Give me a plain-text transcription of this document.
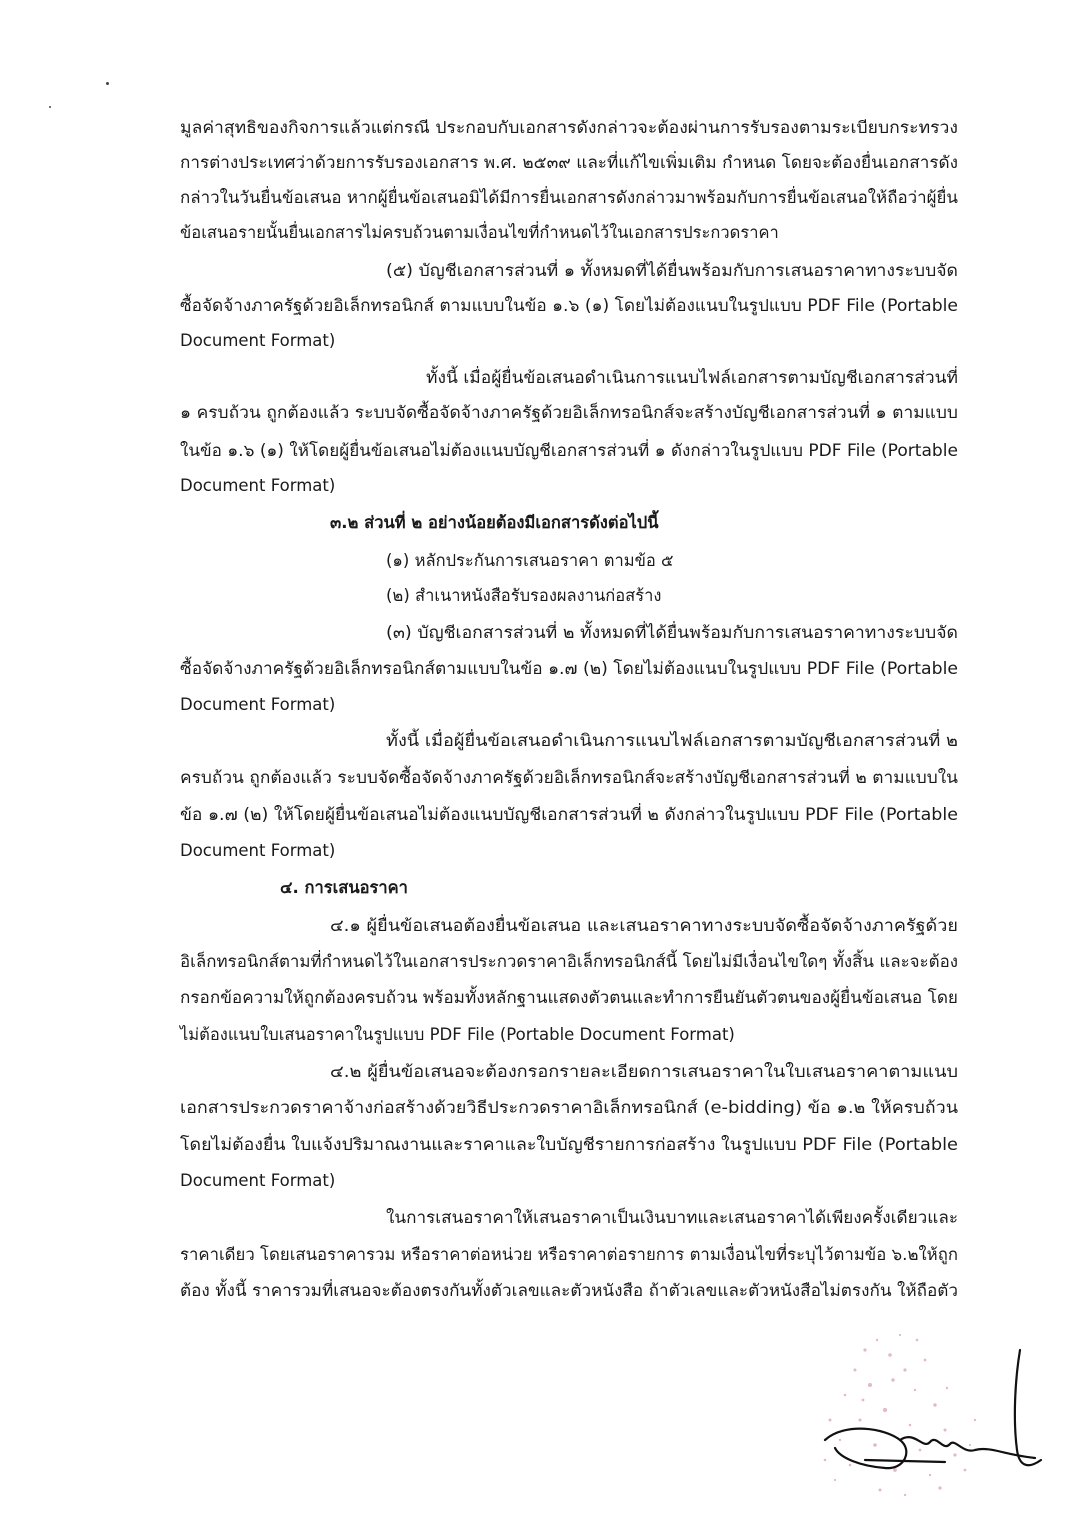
มูลค่าสุทธิของกิจการแล้วแต่กรณี ประกอบกับเอกสารดังกล่าวจะต้องผ่านการรับรองตามระเบียบกระทรวง
การต่างประเทศว่าด้วยการรับรองเอกสาร พ.ศ. ๒๕๓๙ และที่แก้ไขเพิ่มเติม กำหนด โดยจะต้องยื่นเอกสารดัง
กล่าวในวันยื่นข้อเสนอ หากผู้ยื่นข้อเสนอมิได้มีการยื่นเอกสารดังกล่าวมาพร้อมกับการยื่นข้อเสนอให้ถือว่าผู้ยื่น
ข้อเสนอรายนั้นยื่นเอกสารไม่ครบถ้วนตามเงื่อนไขที่กำหนดไว้ในเอกสารประกวดราคา
(๕) บัญชีเอกสารส่วนที่ ๑ ทั้งหมดที่ได้ยื่นพร้อมกับการเสนอราคาทางระบบจัด
ซื้อจัดจ้างภาครัฐด้วยอิเล็กทรอนิกส์ ตามแบบในข้อ ๑.๖ (๑) โดยไม่ต้องแนบในรูปแบบ PDF File (Portable
Document Format)
ทั้งนี้ เมื่อผู้ยื่นข้อเสนอดำเนินการแนบไฟล์เอกสารตามบัญชีเอกสารส่วนที่
๑ ครบถ้วน ถูกต้องแล้ว ระบบจัดซื้อจัดจ้างภาครัฐด้วยอิเล็กทรอนิกส์จะสร้างบัญชีเอกสารส่วนที่ ๑ ตามแบบ
ในข้อ ๑.๖ (๑) ให้โดยผู้ยื่นข้อเสนอไม่ต้องแนบบัญชีเอกสารส่วนที่ ๑ ดังกล่าวในรูปแบบ PDF File (Portable
Document Format)
๓.๒ ส่วนที่ ๒ อย่างน้อยต้องมีเอกสารดังต่อไปนี้
(๑) หลักประกันการเสนอราคา ตามข้อ ๕
(๒) สำเนาหนังสือรับรองผลงานก่อสร้าง
(๓) บัญชีเอกสารส่วนที่ ๒ ทั้งหมดที่ได้ยื่นพร้อมกับการเสนอราคาทางระบบจัด
ซื้อจัดจ้างภาครัฐด้วยอิเล็กทรอนิกส์ตามแบบในข้อ ๑.๗ (๒) โดยไม่ต้องแนบในรูปแบบ PDF File (Portable
Document Format)
ทั้งนี้ เมื่อผู้ยื่นข้อเสนอดำเนินการแนบไฟล์เอกสารตามบัญชีเอกสารส่วนที่ ๒
ครบถ้วน ถูกต้องแล้ว ระบบจัดซื้อจัดจ้างภาครัฐด้วยอิเล็กทรอนิกส์จะสร้างบัญชีเอกสารส่วนที่ ๒ ตามแบบใน
ข้อ ๑.๗ (๒) ให้โดยผู้ยื่นข้อเสนอไม่ต้องแนบบัญชีเอกสารส่วนที่ ๒ ดังกล่าวในรูปแบบ PDF File (Portable
Document Format)
๔. การเสนอราคา
๔.๑ ผู้ยื่นข้อเสนอต้องยื่นข้อเสนอ และเสนอราคาทางระบบจัดซื้อจัดจ้างภาครัฐด้วย
อิเล็กทรอนิกส์ตามที่กำหนดไว้ในเอกสารประกวดราคาอิเล็กทรอนิกส์นี้ โดยไม่มีเงื่อนไขใดๆ ทั้งสิ้น และจะต้อง
กรอกข้อความให้ถูกต้องครบถ้วน พร้อมทั้งหลักฐานแสดงตัวตนและทำการยืนยันตัวตนของผู้ยื่นข้อเสนอ โดย
ไม่ต้องแนบใบเสนอราคาในรูปแบบ PDF File (Portable Document Format)
๔.๒ ผู้ยื่นข้อเสนอจะต้องกรอกรายละเอียดการเสนอราคาในใบเสนอราคาตามแนบ
เอกสารประกวดราคาจ้างก่อสร้างด้วยวิธีประกวดราคาอิเล็กทรอนิกส์ (e-bidding) ข้อ ๑.๒ ให้ครบถ้วน
โดยไม่ต้องยื่น ใบแจ้งปริมาณงานและราคาและใบบัญชีรายการก่อสร้าง ในรูปแบบ PDF File (Portable
Document Format)
ในการเสนอราคาให้เสนอราคาเป็นเงินบาทและเสนอราคาได้เพียงครั้งเดียวและ
ราคาเดียว โดยเสนอราคารวม หรือราคาต่อหน่วย หรือราคาต่อรายการ ตามเงื่อนไขที่ระบุไว้ตามข้อ ๖.๒ให้ถูก
ต้อง ทั้งนี้ ราคารวมที่เสนอจะต้องตรงกันทั้งตัวเลขและตัวหนังสือ ถ้าตัวเลขและตัวหนังสือไม่ตรงกัน ให้ถือตัว
